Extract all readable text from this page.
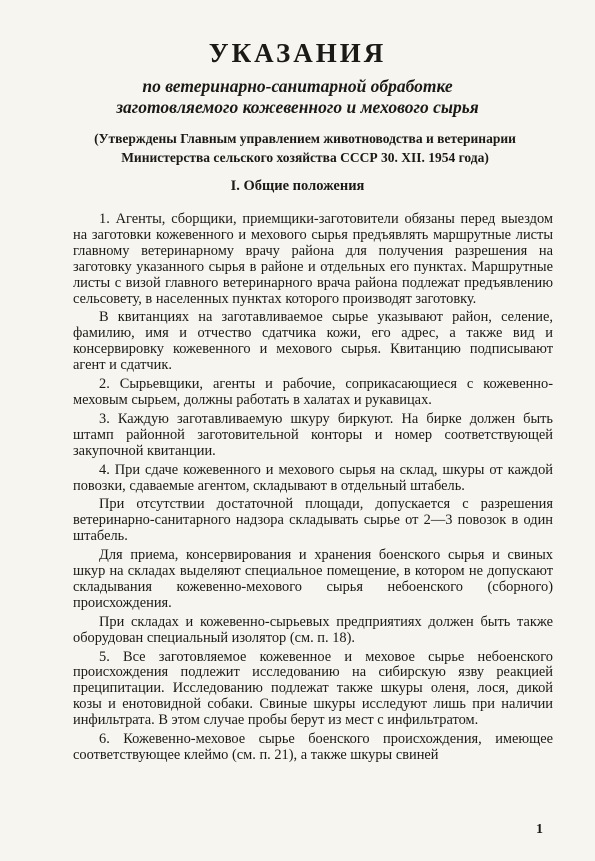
УКАЗАНИЯ
по ветеринарно-санитарной обработке
заготовляемого кожевенного и мехового сырья
(Утверждены Главным управлением животноводства и ветеринарии Министерства сельского хозяйства СССР 30. XII. 1954 года)
I. Общие положения

1. Агенты, сборщики, приемщики-заготовители обязаны перед выездом на заготовки кожевенного и мехового сырья предъявлять маршрутные листы главному ветеринарному врачу района для получения разрешения на заготовку указанного сырья в районе и отдельных его пунктах. Маршрутные листы с визой главного ветеринарного врача района подлежат предъявлению сельсовету, в населенных пунктах которого производят заготовку.

В квитанциях на заготавливаемое сырье указывают район, селение, фамилию, имя и отчество сдатчика кожи, его адрес, а также вид и консервировку кожевенного и мехового сырья. Квитанцию подписывают агент и сдатчик.

2. Сырьевщики, агенты и рабочие, соприкасающиеся с кожевенно-меховым сырьем, должны работать в халатах и рукавицах.

3. Каждую заготавливаемую шкуру биркуют. На бирке должен быть штамп районной заготовительной конторы и номер соответствующей закупочной квитанции.

4. При сдаче кожевенного и мехового сырья на склад, шкуры от каждой повозки, сдаваемые агентом, складывают в отдельный штабель.

При отсутствии достаточной площади, допускается с разрешения ветеринарно-санитарного надзора складывать сырье от 2—3 повозок в один штабель.

Для приема, консервирования и хранения боенского сырья и свиных шкур на складах выделяют специальное помещение, в котором не допускают складывания кожевенно-мехового сырья небоенского (сборного) происхождения.

При складах и кожевенно-сырьевых предприятиях должен быть также оборудован специальный изолятор (см. п. 18).

5. Все заготовляемое кожевенное и меховое сырье небоенского происхождения подлежит исследованию на сибирскую язву реакцией преципитации. Исследованию подлежат также шкуры оленя, лося, дикой козы и енотовидной собаки. Свиные шкуры исследуют лишь при наличии инфильтрата. В этом случае пробы берут из мест с инфильтратом.

6. Кожевенно-меховое сырье боенского происхождения, имеющее соответствующее клеймо (см. п. 21), а также шкуры свиней

1
